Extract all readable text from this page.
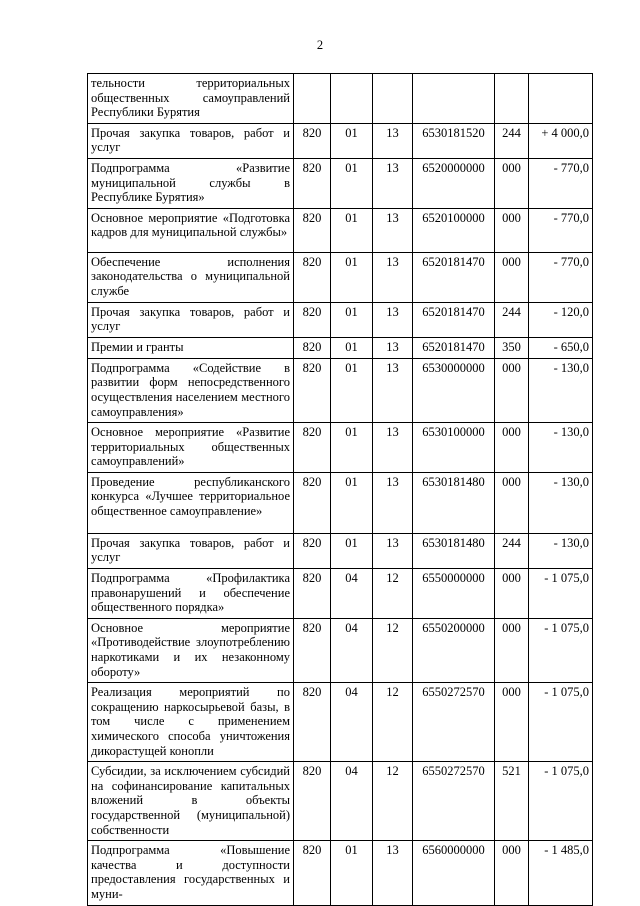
2
тельности территориальных общественных самоуправлений Республики Бурятия						
Прочая закупка товаров, работ и услуг	820	01	13	6530181520	244	+ 4 000,0
Подпрограмма «Развитие муниципальной службы в Республике Бурятия»	820	01	13	6520000000	000	- 770,0
Основное мероприятие «Подготовка кадров для муниципальной службы»	820	01	13	6520100000	000	- 770,0
Обеспечение исполнения законодательства о муниципальной службе	820	01	13	6520181470	000	- 770,0
Прочая закупка товаров, работ и услуг	820	01	13	6520181470	244	- 120,0
Премии и гранты	820	01	13	6520181470	350	- 650,0
Подпрограмма «Содействие в развитии форм непосредственного осуществления населением местного самоуправления»	820	01	13	6530000000	000	- 130,0
Основное мероприятие «Развитие территориальных общественных самоуправлений»	820	01	13	6530100000	000	- 130,0
Проведение республиканского конкурса «Лучшее территориальное общественное самоуправление»	820	01	13	6530181480	000	- 130,0
Прочая закупка товаров, работ и услуг	820	01	13	6530181480	244	- 130,0
Подпрограмма «Профилактика правонарушений и обеспечение общественного порядка»	820	04	12	6550000000	000	- 1 075,0
Основное мероприятие «Противодействие злоупотреблению наркотиками и их незаконному обороту»	820	04	12	6550200000	000	- 1 075,0
Реализация мероприятий по сокращению наркосырьевой базы, в том числе с применением химического способа уничтожения дикорастущей конопли	820	04	12	6550272570	000	- 1 075,0
Субсидии, за исключением субсидий на софинансирование капитальных вложений в объекты государственной (муниципальной) собственности	820	04	12	6550272570	521	- 1 075,0
Подпрограмма «Повышение качества и доступности предоставления государственных и муни-	820	01	13	6560000000	000	- 1 485,0
